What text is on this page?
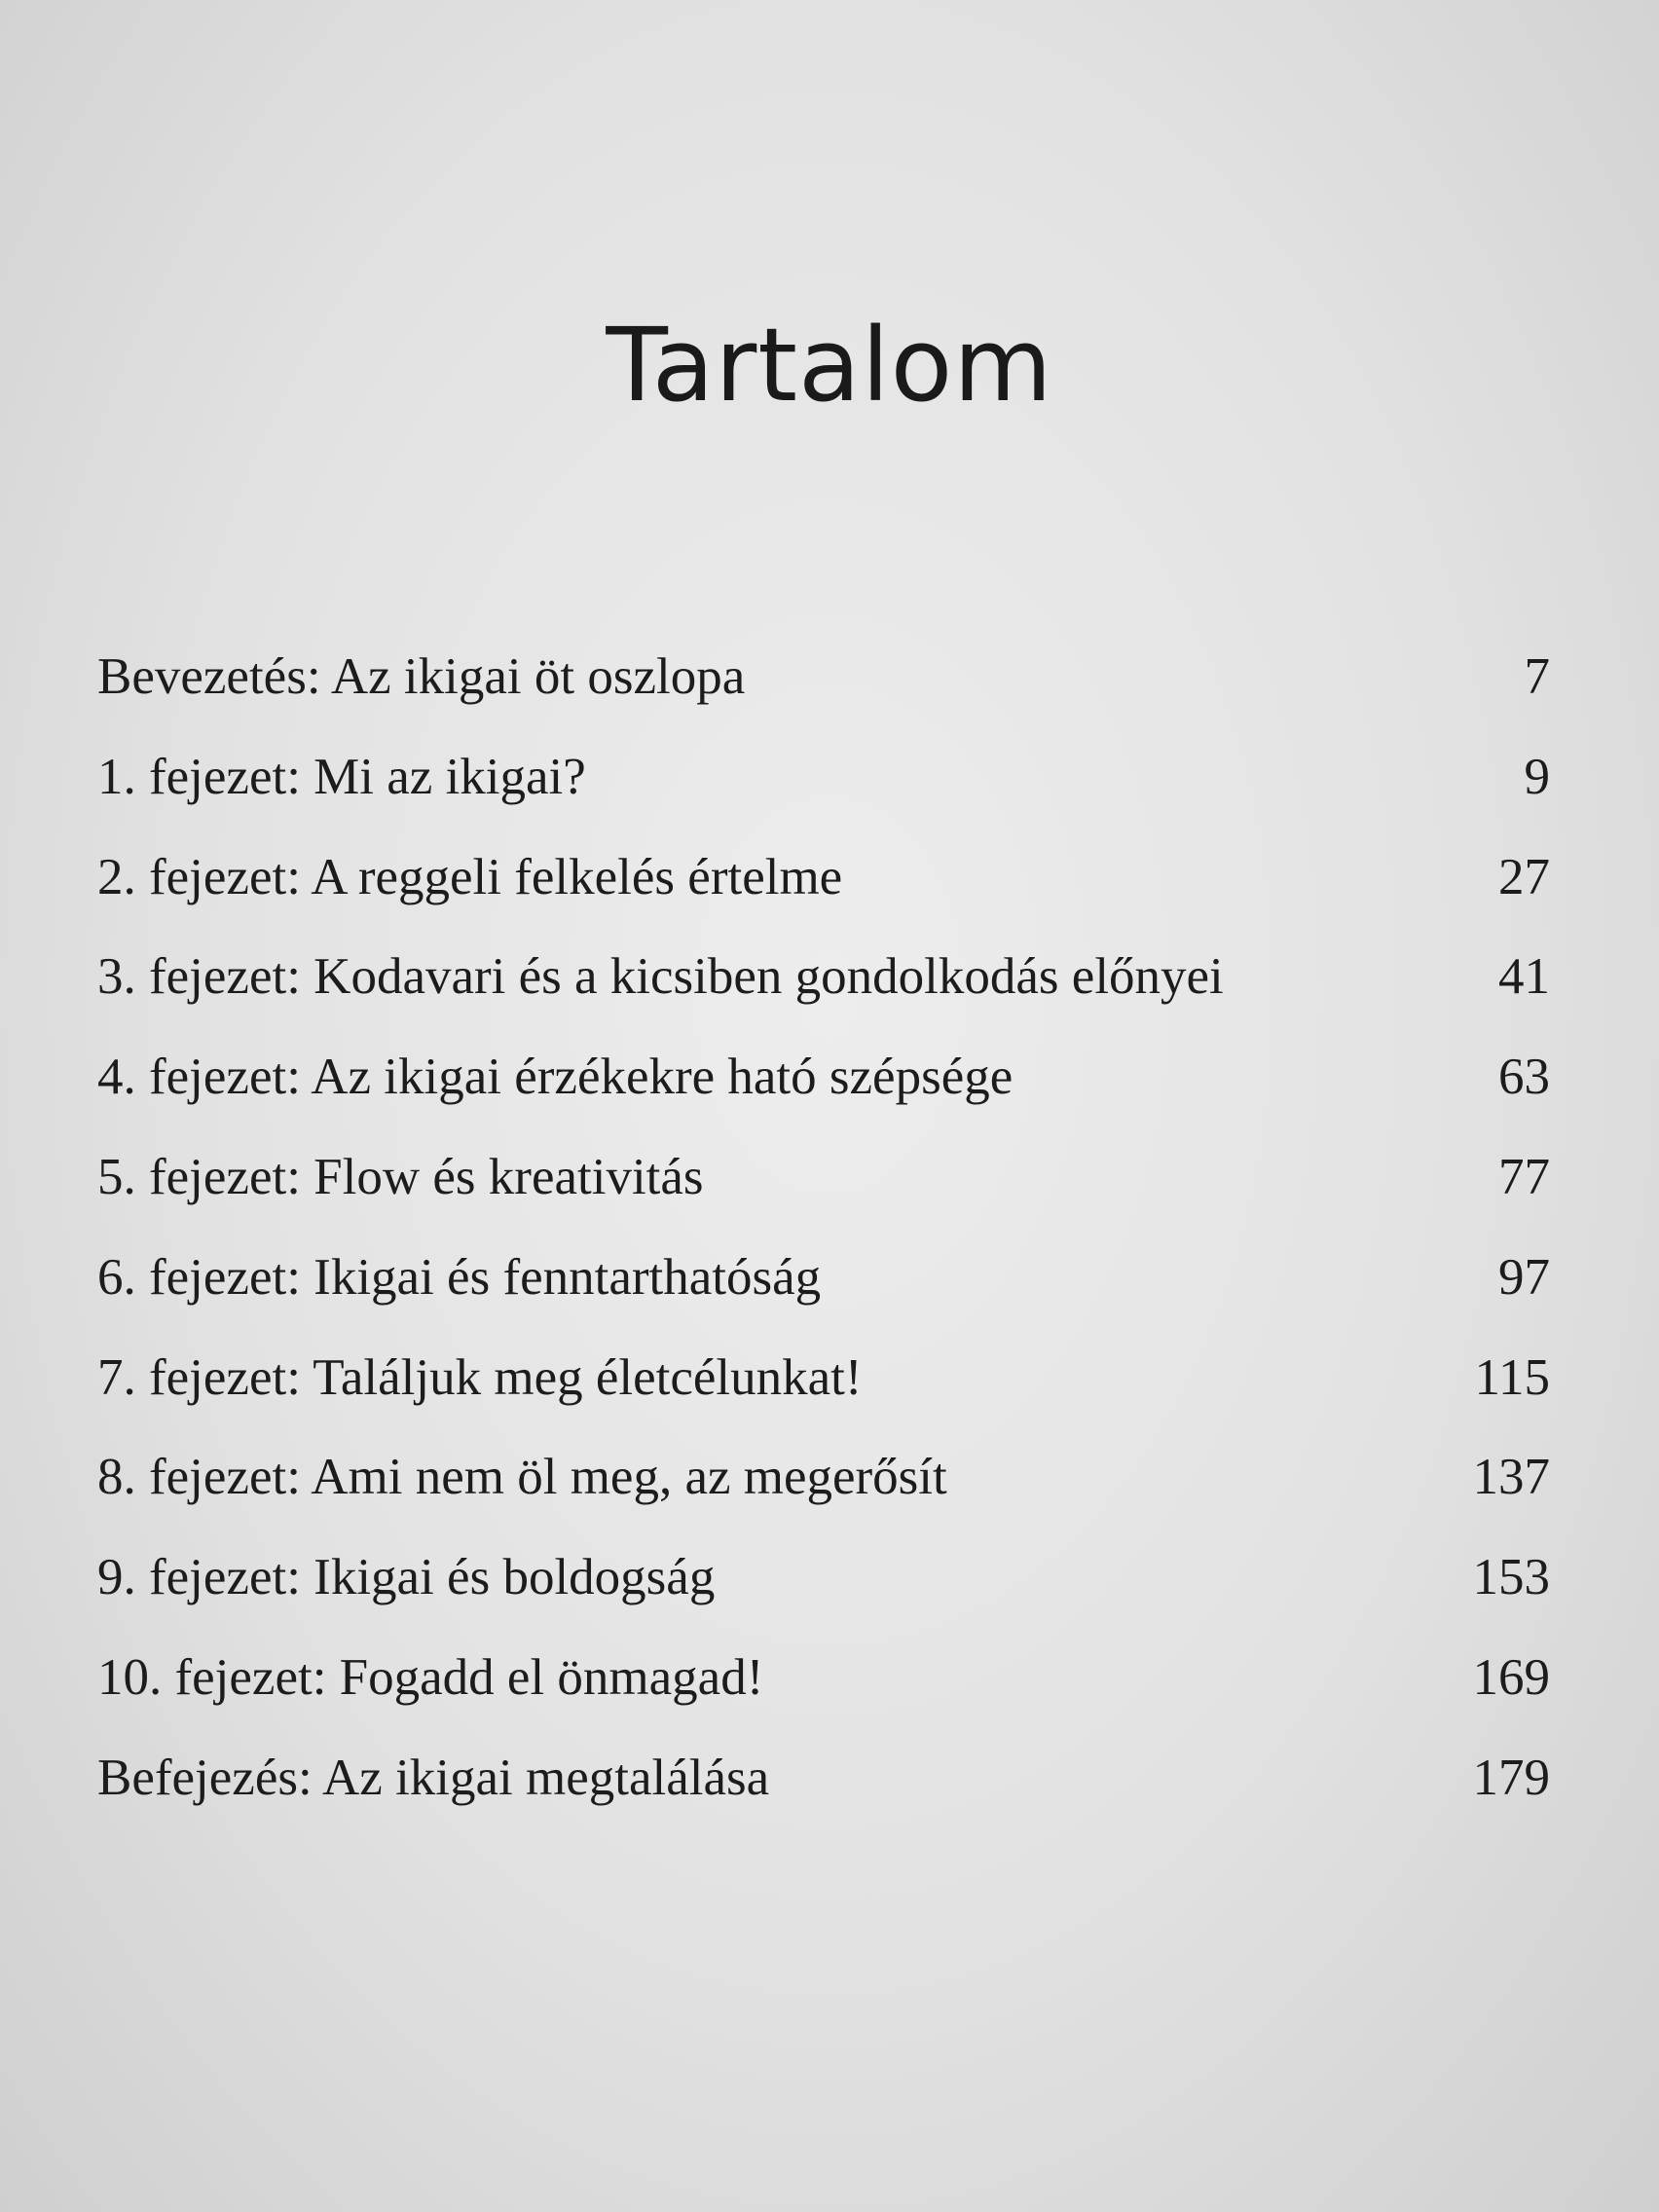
Tartalom
Bevezetés: Az ikigai öt oszlopa	7
1. fejezet: Mi az ikigai?	9
2. fejezet: A reggeli felkelés értelme	27
3. fejezet: Kodavari és a kicsiben gondolkodás előnyei	41
4. fejezet: Az ikigai érzékekre ható szépsége	63
5. fejezet: Flow és kreativitás	77
6. fejezet: Ikigai és fenntarthatóság	97
7. fejezet: Találjuk meg életcélunkat!	115
8. fejezet: Ami nem öl meg, az megerősít	137
9. fejezet: Ikigai és boldogság	153
10. fejezet: Fogadd el önmagad!	169
Befejezés: Az ikigai megtalálása	179
